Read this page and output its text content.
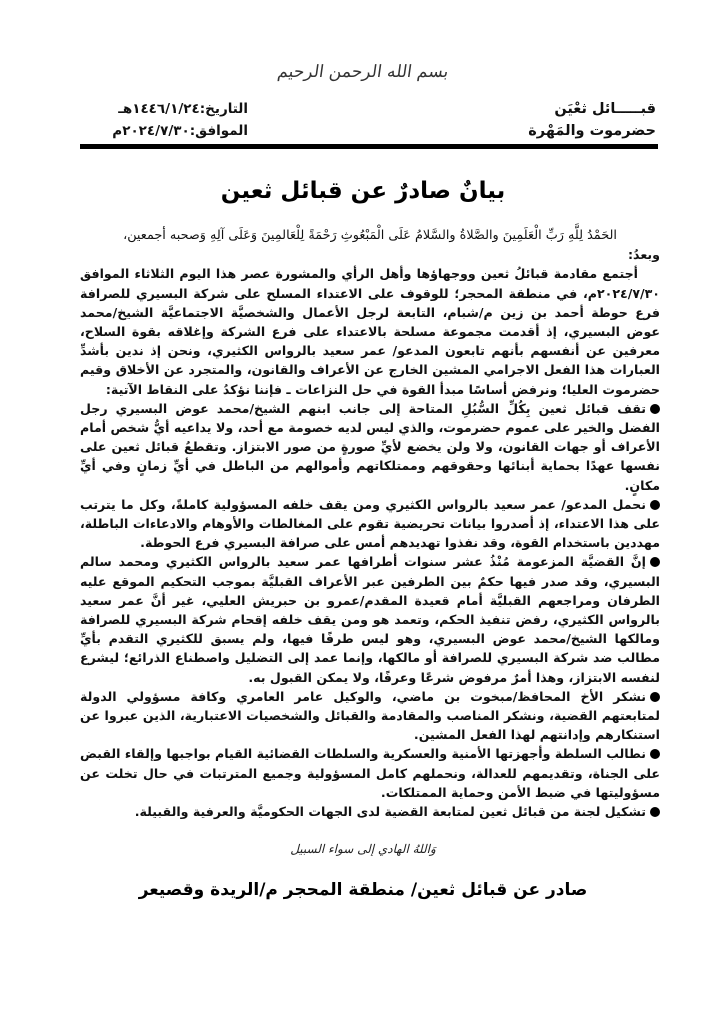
بسم الله الرحمن الرحيم
قبـــــائل ثعْيَن
حضرموت والمَهْرة
التاريخ:١٤٤٦/١/٢٤هـ
الموافق:٢٠٢٤/٧/٣٠م
بيانٌ صادرٌ عن قبائل ثعين

الحَمْدُ لِلَّهِ رَبِّ الْعَلَمِينَ والصَّلاةُ والسَّلامُ عَلَى الْمَبْعُوثِ رَحْمَةً لِلْعَالمِينَ وَعَلَى آلِهِ وَصحبه أجمعين،

وبعدُ:

أجتمع مقادمة قبائلُ ثعين ووجهاؤها وأهل الرأي والمشورة عصر هذا اليوم الثلاثاء الموافق ٢٠٢٤/٧/٣٠م، في منطقة المحجر؛ للوقوف على الاعتداء المسلح على شركة البسيري للصرافة فرع حوطة أحمد بن زين م/شبام، التابعة لرجل الأعمال والشخصيَّة الاجتماعيَّة الشيخ/محمد عوض البسيري، إذ أقدمت مجموعة مسلحة بالاعتداء على فرع الشركة وإغلاقه بقوة السلاح، معرفين عن أنفسهم بأنهم تابعون المدعو/ عمر سعيد بالرواس الكثيري، ونحن إذ ندين بأشدِّ العبارات هذا الفعل الاجرامي المشين الخارج عن الأعراف والقانون، والمتجرد عن الأخلاق وقيم حضرموت العليا؛ ونرفض أساسًا مبدأ القوة في حل النزاعات ـ فإننا نؤكدُ على النقاط الآتية:

تقف قبائل ثعين بِكُلِّ السُّبُلِ المتاحة إلى جانب ابنهم الشيخ/محمد عوض البسيري رجل الفضل والخير على عموم حضرموت، والذي ليس لديه خصومة مع أحد، ولا يداعيه أيُّ شخص أمام الأعراف أو جهات القانون، ولا ولن يخضع لأيِّ صورةٍ من صور الابتزاز. وتقطعُ قبائل ثعين على نفسها عهدًا بحماية أبنائها وحقوقهم وممتلكاتهم وأموالهم من الباطل في أيِّ زمانٍ وفي أيِّ مكانٍ.

نحمل المدعو/ عمر سعيد بالرواس الكثيري ومن يقف خلفه المسؤولية كاملةً، وكل ما يترتب على هذا الاعتداء، إذ أصدروا بيانات تحريضية تقوم على المغالطات والأوهام والادعاءات الباطلة، مهددين باستخدام القوة، وقد نفذوا تهديدهم أمس على صرافة البسيري فرع الحوطة.

إنَّ القضيَّة المزعومة مُنْذُ عشر سنوات أطرافها عمر سعيد بالرواس الكثيري ومحمد سالم البسيري، وقد صدر فيها حكمٌ بين الطرفين عبر الأعراف القبليَّة بموجب التحكيم الموقع عليه الطرفان ومراجعهم القبليَّة أمام قعيدة المقدم/عمرو بن حبريش العليي، غير أنَّ عمر سعيد بالرواس الكثيري، رفض تنفيذ الحكم، وتعمد هو ومن يقف خلفه إقحام شركة البسيري للصرافة ومالكها الشيخ/محمد عوض البسيري، وهو ليس طرفًا فيها، ولم يسبق للكثيري التقدم بأيِّ مطالب ضد شركة البسيري للصرافة أو مالكها، وإنما عمد إلى التضليل واصطناع الذرائع؛ ليشرع لنفسه الابتزاز، وهذا أمرٌ مرفوض شرعًا وعرفًا، ولا يمكن القبول به.

نشكر الأخ المحافظ/مبخوت بن ماضي، والوكيل عامر العامري وكافة مسؤولي الدولة لمتابعتهم القضية، ونشكر المناصب والمقادمة والقبائل والشخصيات الاعتبارية، الذين عبروا عن استنكارهم وإدانتهم لهذا الفعل المشين.

نطالب السلطة وأجهزتها الأمنية والعسكرية والسلطات القضائية القيام بواجبها وإلقاء القبض على الجناة، وتقديمهم للعدالة، ونحملهم كامل المسؤولية وجميع المترتبات في حال تخلت عن مسؤوليتها في ضبط الأمن وحماية الممتلكات.

تشكيل لجنة من قبائل ثعين لمتابعة القضية لدى الجهات الحكوميَّة والعرفية والقبيلة.

وَاللهُ الهادي إلى سواء السبيل
صادر عن قبائل ثعين/ منطقة المحجر م/الريدة وقصيعر
